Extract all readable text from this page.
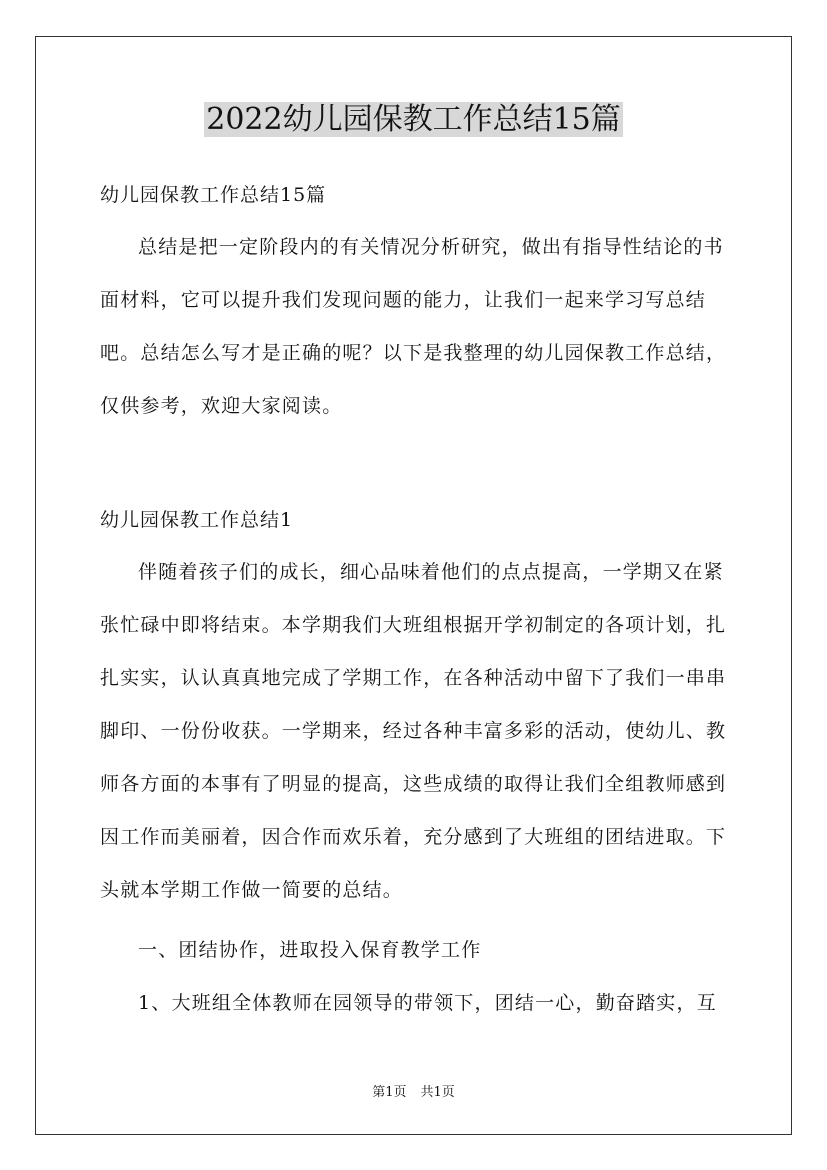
2022幼儿园保教工作总结15篇
幼儿园保教工作总结15篇
总结是把一定阶段内的有关情况分析研究，做出有指导性结论的书面材料，它可以提升我们发现问题的能力，让我们一起来学习写总结吧。总结怎么写才是正确的呢？以下是我整理的幼儿园保教工作总结，仅供参考，欢迎大家阅读。
幼儿园保教工作总结1
伴随着孩子们的成长，细心品味着他们的点点提高，一学期又在紧张忙碌中即将结束。本学期我们大班组根据开学初制定的各项计划，扎扎实实，认认真真地完成了学期工作，在各种活动中留下了我们一串串脚印、一份份收获。一学期来，经过各种丰富多彩的活动，使幼儿、教师各方面的本事有了明显的提高，这些成绩的取得让我们全组教师感到因工作而美丽着，因合作而欢乐着，充分感到了大班组的团结进取。下头就本学期工作做一简要的总结。
一、团结协作，进取投入保育教学工作
1、大班组全体教师在园领导的带领下，团结一心，勤奋踏实，互
第1页 共1页
